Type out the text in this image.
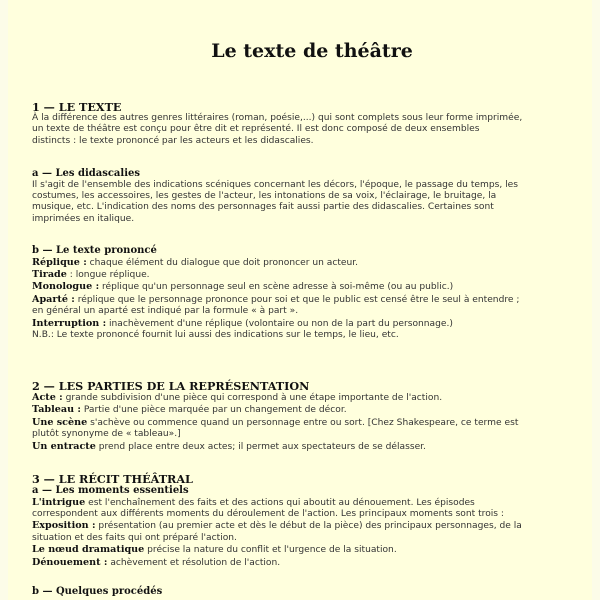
Le texte de théâtre
1 — LE TEXTE
À la différence des autres genres littéraires (roman, poésie,...) qui sont complets sous leur forme imprimée,
un texte de théâtre est conçu pour être dit et représenté. Il est donc composé de deux ensembles
distincts : le texte prononcé par les acteurs et les didascalies.
a — Les didascalies
Il s'agit de l'ensemble des indications scéniques concernant les décors, l'époque, le passage du temps, les
costumes, les accessoires, les gestes de l'acteur, les intonations de sa voix, l'éclairage, le bruitage, la
musique, etc. L'indication des noms des personnages fait aussi partie des didascalies. Certaines sont
imprimées en italique.
b — Le texte prononcé
Réplique : chaque élément du dialogue que doit prononcer un acteur.
Tirade : longue réplique.
Monologue : réplique qu'un personnage seul en scène adresse à soi-même (ou au public.)
Aparté : réplique que le personnage prononce pour soi et que le public est censé être le seul à entendre ;
en général un aparté est indiqué par la formule « à part ».
Interruption : inachèvement d'une réplique (volontaire ou non de la part du personnage.)
N.B.: Le texte prononcé fournit lui aussi des indications sur le temps, le lieu, etc.
2 — LES PARTIES DE LA REPRÉSENTATION
Acte : grande subdivision d'une pièce qui correspond à une étape importante de l'action.
Tableau : Partie d'une pièce marquée par un changement de décor.
Une scène s'achève ou commence quand un personnage entre ou sort. [Chez Shakespeare, ce terme est
plutôt synonyme de « tableau».]
Un entracte prend place entre deux actes; il permet aux spectateurs de se délasser.
3 — LE RÉCIT THÉÂTRAL
a — Les moments essentiels
L'intrigue est l'enchaînement des faits et des actions qui aboutit au dénouement. Les épisodes
correspondent aux différents moments du déroulement de l'action. Les principaux moments sont trois :
Exposition : présentation (au premier acte et dès le début de la pièce) des principaux personnages, de la
situation et des faits qui ont préparé l'action.
Le nœud dramatique précise la nature du conflit et l'urgence de la situation.
Dénouement : achèvement et résolution de l'action.
b — Quelques procédés
